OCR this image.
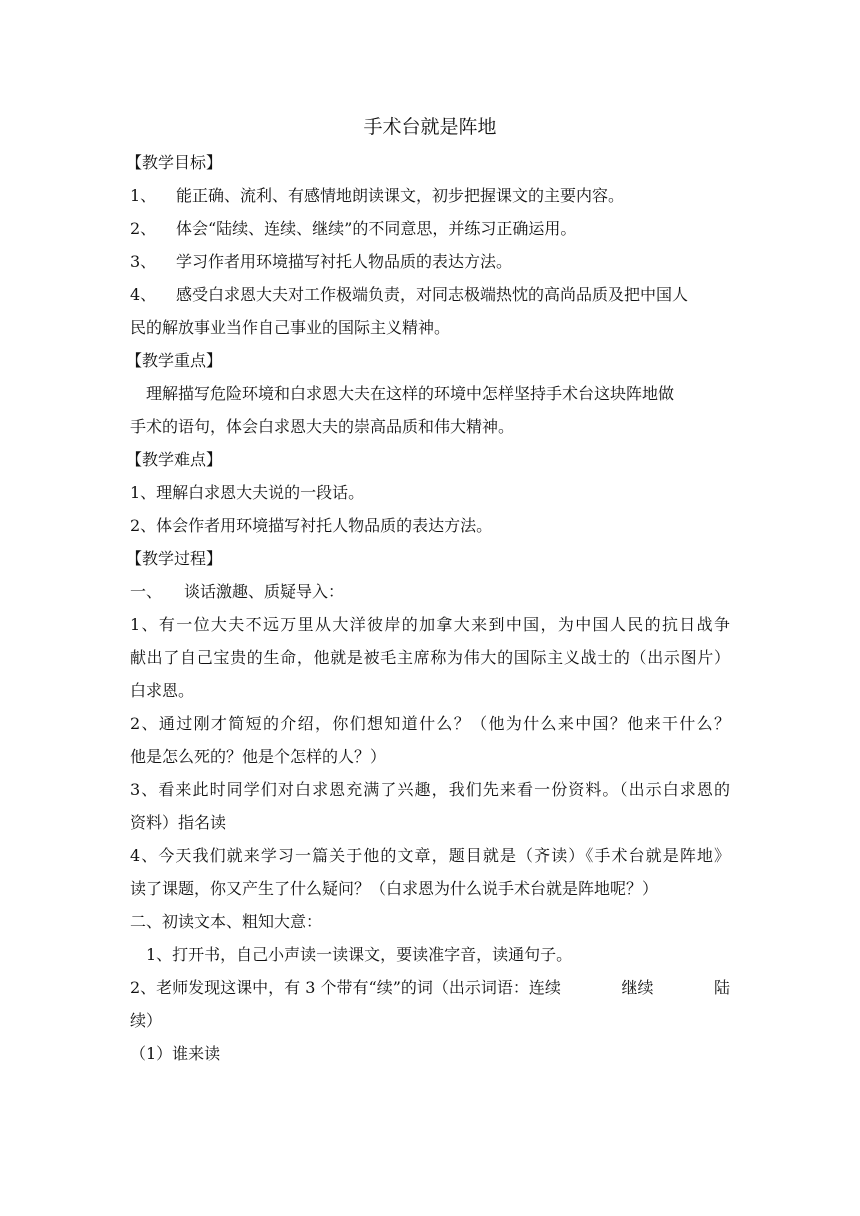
手术台就是阵地
【教学目标】
1、 能正确、流利、有感情地朗读课文，初步把握课文的主要内容。
2、 体会“陆续、连续、继续”的不同意思，并练习正确运用。
3、 学习作者用环境描写衬托人物品质的表达方法。
4、 感受白求恩大夫对工作极端负责，对同志极端热忱的高尚品质及把中国人
民的解放事业当作自己事业的国际主义精神。
【教学重点】
理解描写危险环境和白求恩大夫在这样的环境中怎样坚持手术台这块阵地做
手术的语句，体会白求恩大夫的崇高品质和伟大精神。
【教学难点】
1、理解白求恩大夫说的一段话。
2、体会作者用环境描写衬托人物品质的表达方法。
【教学过程】
一、 谈话激趣、质疑导入：
1、有一位大夫不远万里从大洋彼岸的加拿大来到中国，为中国人民的抗日战争
献出了自己宝贵的生命，他就是被毛主席称为伟大的国际主义战士的（出示图片）
白求恩。
2、通过刚才简短的介绍，你们想知道什么？（他为什么来中国？他来干什么？
他是怎么死的？他是个怎样的人？）
3、看来此时同学们对白求恩充满了兴趣，我们先来看一份资料。（出示白求恩的
资料）指名读
4、今天我们就来学习一篇关于他的文章，题目就是（齐读）《手术台就是阵地》
读了课题，你又产生了什么疑问？（白求恩为什么说手术台就是阵地呢？）
二、初读文本、粗知大意：
1、打开书，自己小声读一读课文，要读准字音，读通句子。
2、老师发现这课中，有 3 个带有“续”的词（出示词语：连续	继续	陆
续）
（1）谁来读
